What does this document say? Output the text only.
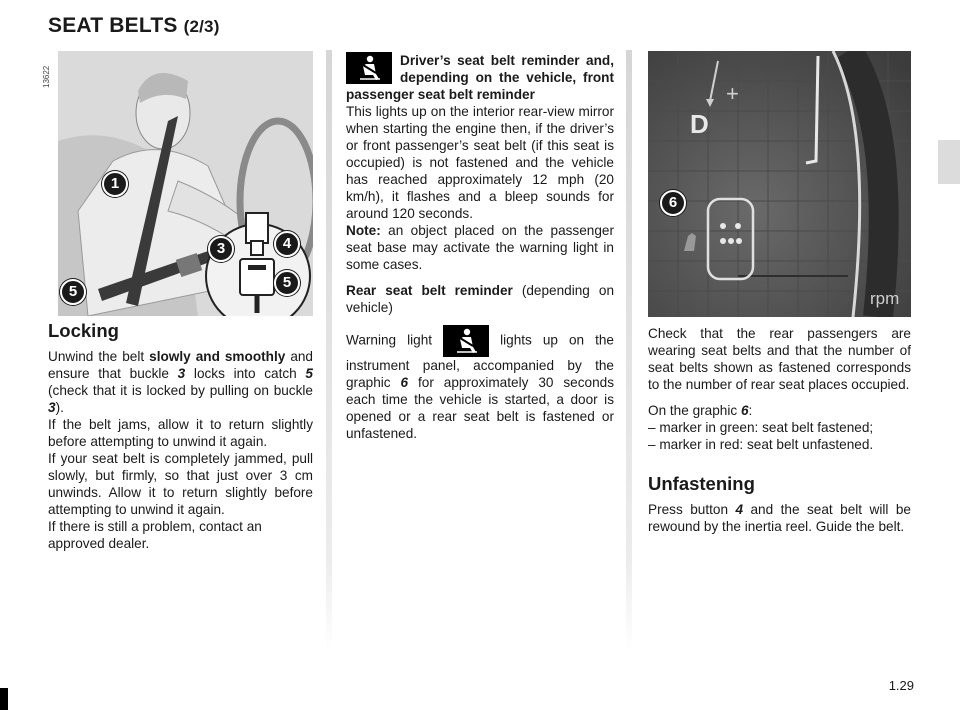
SEAT BELTS (2/3)
13622
1
3	4
5
5
Locking

Unwind the belt slowly and smoothly and ensure that buckle 3 locks into catch 5 (check that it is locked by pulling on buckle 3).

If the belt jams, allow it to return slightly before attempting to unwind it again.

If your seat belt is completely jammed, pull slowly, but firmly, so that just over 3 cm unwinds. Allow it to return slightly before attempting to unwind it again.

If there is still a problem, contact an approved dealer.

Driver’s seat belt reminder and, depending on the vehicle, front passenger seat belt reminder

This lights up on the interior rear-view mirror when starting the engine then, if the driver’s or front passenger’s seat belt (if this seat is occupied) is not fastened and the vehicle has reached approximately 12 mph (20 km/h), it flashes and a bleep sounds for around 120 seconds.

Note: an object placed on the passenger seat base may activate the warning light in some cases.

Rear seat belt reminder (depending on vehicle)

Warning light	lights up on the instrument panel, accompanied by the graphic 6 for approximately 30 seconds each time the vehicle is started, a door is opened or a rear seat belt is fastened or unfastened.

D
+
rpm
6

Check that the rear passengers are wearing seat belts and that the number of seat belts shown as fastened corresponds to the number of rear seat places occupied.

On the graphic 6:

– marker in green: seat belt fastened;

– marker in red: seat belt unfastened.

Unfastening

Press button 4 and the seat belt will be rewound by the inertia reel. Guide the belt.

1.29
